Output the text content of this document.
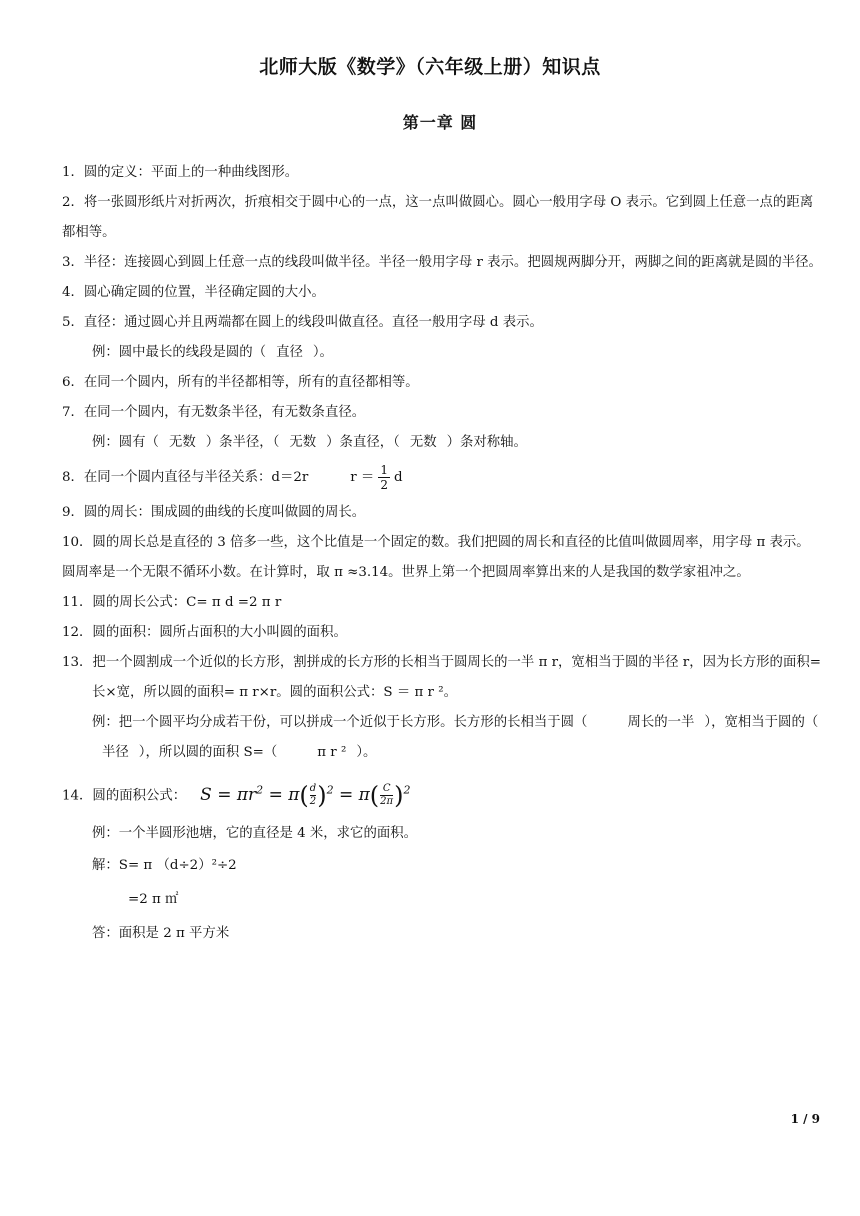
北师大版《数学》（六年级上册）知识点
第一章 圆

1．圆的定义：平面上的一种曲线图形。

2．将一张圆形纸片对折两次，折痕相交于圆中心的一点，这一点叫做圆心。圆心一般用字母 O 表示。它到圆上任意一点的距离都相等。

3．半径：连接圆心到圆上任意一点的线段叫做半径。半径一般用字母 r 表示。把圆规两脚分开，两脚之间的距离就是圆的半径。

4．圆心确定圆的位置，半径确定圆的大小。

5．直径：通过圆心并且两端都在圆上的线段叫做直径。直径一般用字母 d 表示。

例：圆中最长的线段是圆的（ 直径 ）。

6．在同一个圆内，所有的半径都相等，所有的直径都相等。

7．在同一个圆内，有无数条半径，有无数条直径。

例：圆有（ 无数 ）条半径，（ 无数 ）条直径，（ 无数 ）条对称轴。

8．在同一个圆内直径与半径关系：d＝2r	$r = \frac{1}{2}$ d

9．圆的周长：围成圆的曲线的长度叫做圆的周长。

10．圆的周长总是直径的 3 倍多一些，这个比值是一个固定的数。我们把圆的周长和直径的比值叫做圆周率，用字母 π 表示。圆周率是一个无限不循环小数。在计算时，取 π ≈3.14。世界上第一个把圆周率算出来的人是我国的数学家祖冲之。

11．圆的周长公式：C= π d =2 π r

12．圆的面积：圆所占面积的大小叫圆的面积。

13．把一个圆割成一个近似的长方形，割拼成的长方形的长相当于圆周长的一半 π r，宽相当于圆的半径 r，因为长方形的面积=长×宽，所以圆的面积= π r×r。圆的面积公式：S ＝ π r ²。

例：把一个圆平均分成若干份，可以拼成一个近似于长方形。长方形的长相当于圆（	周长的一半 ），宽相当于圆的（半径 ），所以圆的面积 S=（	π r ² ）。

14．圆的面积公式： $S = \pi r^2 = \pi( \frac{d}{2} )^2 = \pi( \frac{C}{2\pi} )^2$

例：一个半圆形池塘，它的直径是 4 米，求它的面积。

解：S= π （d÷2）²÷2

=2 π ㎡

答：面积是 2 π 平方米

1 / 9
